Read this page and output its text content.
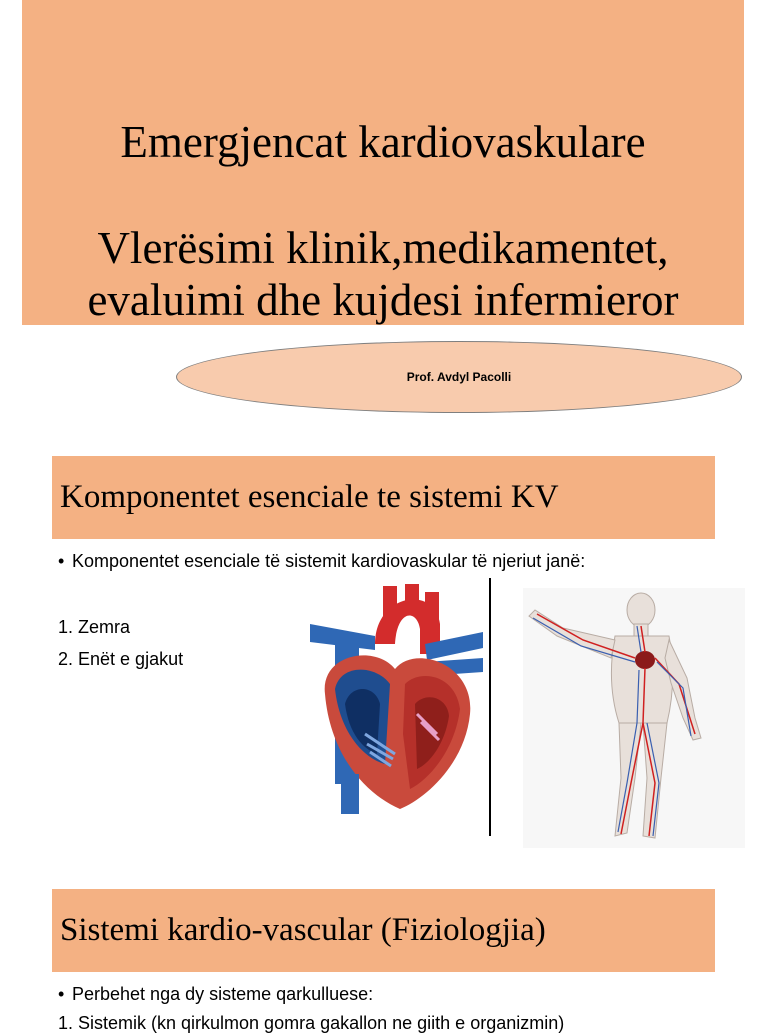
Emergjencat kardiovaskulare
Vlerësimi klinik,medikamentet,
evaluimi dhe kujdesi infermieror
Prof. Avdyl Pacolli
Komponentet esenciale te sistemi KV
• Komponentet esenciale të sistemit kardiovaskular të njeriut janë:
1. Zemra
2. Enët e gjakut
Sistemi kardio-vascular (Fiziologjia)
• Perbehet nga dy sisteme qarkulluese:
1. Sistemik (kn qirkulmon gomra gakallon ne giith e organizmin)
